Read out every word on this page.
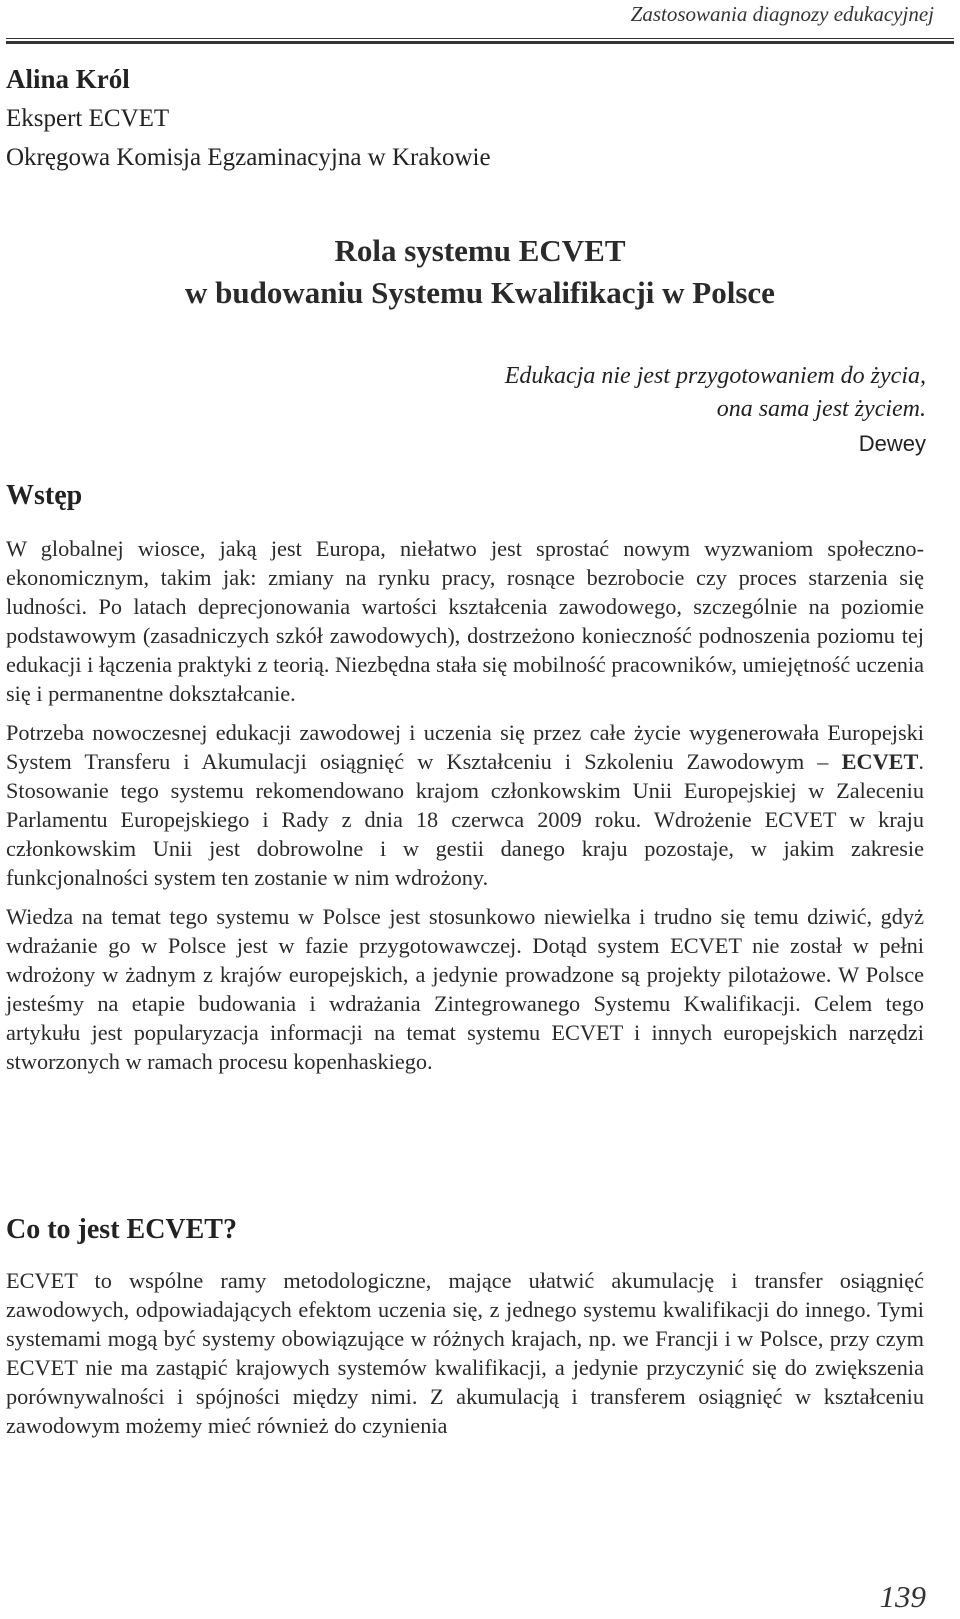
Zastosowania diagnozy edukacyjnej
Alina Król
Ekspert ECVET
Okręgowa Komisja Egzaminacyjna w Krakowie
Rola systemu ECVET
w budowaniu Systemu Kwalifikacji w Polsce
Edukacja nie jest przygotowaniem do życia,
ona sama jest życiem.
Dewey
Wstęp

W globalnej wiosce, jaką jest Europa, niełatwo jest sprostać nowym wyzwaniom społeczno-ekonomicznym, takim jak: zmiany na rynku pracy, rosnące bezrobocie czy proces starzenia się ludności. Po latach deprecjonowania wartości kształcenia zawodowego, szczególnie na poziomie podstawowym (zasadniczych szkół zawodowych), dostrzeżono konieczność podnoszenia poziomu tej edukacji i łączenia praktyki z teorią. Niezbędna stała się mobilność pracowników, umiejętność uczenia się i permanentne dokształcanie.

Potrzeba nowoczesnej edukacji zawodowej i uczenia się przez całe życie wygenerowała Europejski System Transferu i Akumulacji osiągnięć w Kształceniu i Szkoleniu Zawodowym – ECVET. Stosowanie tego systemu rekomendowano krajom członkowskim Unii Europejskiej w Zaleceniu Parlamentu Europejskiego i Rady z dnia 18 czerwca 2009 roku. Wdrożenie ECVET w kraju członkowskim Unii jest dobrowolne i w gestii danego kraju pozostaje, w jakim zakresie funkcjonalności system ten zostanie w nim wdrożony.

Wiedza na temat tego systemu w Polsce jest stosunkowo niewielka i trudno się temu dziwić, gdyż wdrażanie go w Polsce jest w fazie przygotowawczej. Dotąd system ECVET nie został w pełni wdrożony w żadnym z krajów europejskich, a jedynie prowadzone są projekty pilotażowe. W Polsce jesteśmy na etapie budowania i wdrażania Zintegrowanego Systemu Kwalifikacji. Celem tego artykułu jest popularyzacja informacji na temat systemu ECVET i innych europejskich narzędzi stworzonych w ramach procesu kopenhaskiego.

Co to jest ECVET?

ECVET to wspólne ramy metodologiczne, mające ułatwić akumulację i transfer osiągnięć zawodowych, odpowiadających efektom uczenia się, z jednego systemu kwalifikacji do innego. Tymi systemami mogą być systemy obowiązujące w różnych krajach, np. we Francji i w Polsce, przy czym ECVET nie ma zastąpić krajowych systemów kwalifikacji, a jedynie przyczynić się do zwiększenia porównywalności i spójności między nimi. Z akumulacją i transferem osiągnięć w kształceniu zawodowym możemy mieć również do czynienia

139
